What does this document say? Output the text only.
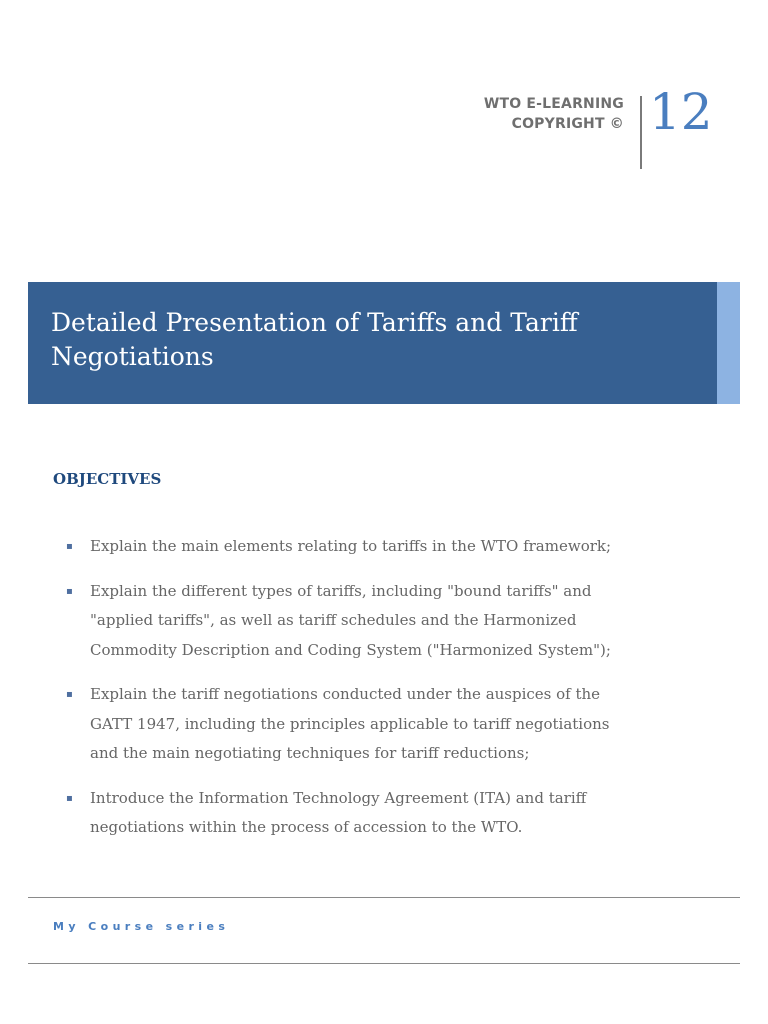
WTO E-LEARNING
COPYRIGHT © 12
Detailed Presentation of Tariffs and Tariff
Negotiations
OBJECTIVES
▪ Explain the main elements relating to tariffs in the WTO framework;
▪ Explain the different types of tariffs, including "bound tariffs" and "applied tariffs", as well as tariff schedules and the Harmonized Commodity Description and Coding System ("Harmonized System");
▪ Explain the tariff negotiations conducted under the auspices of the GATT 1947, including the principles applicable to tariff negotiations and the main negotiating techniques for tariff reductions;
▪ Introduce the Information Technology Agreement (ITA) and tariff negotiations within the process of accession to the WTO.
My Course series
